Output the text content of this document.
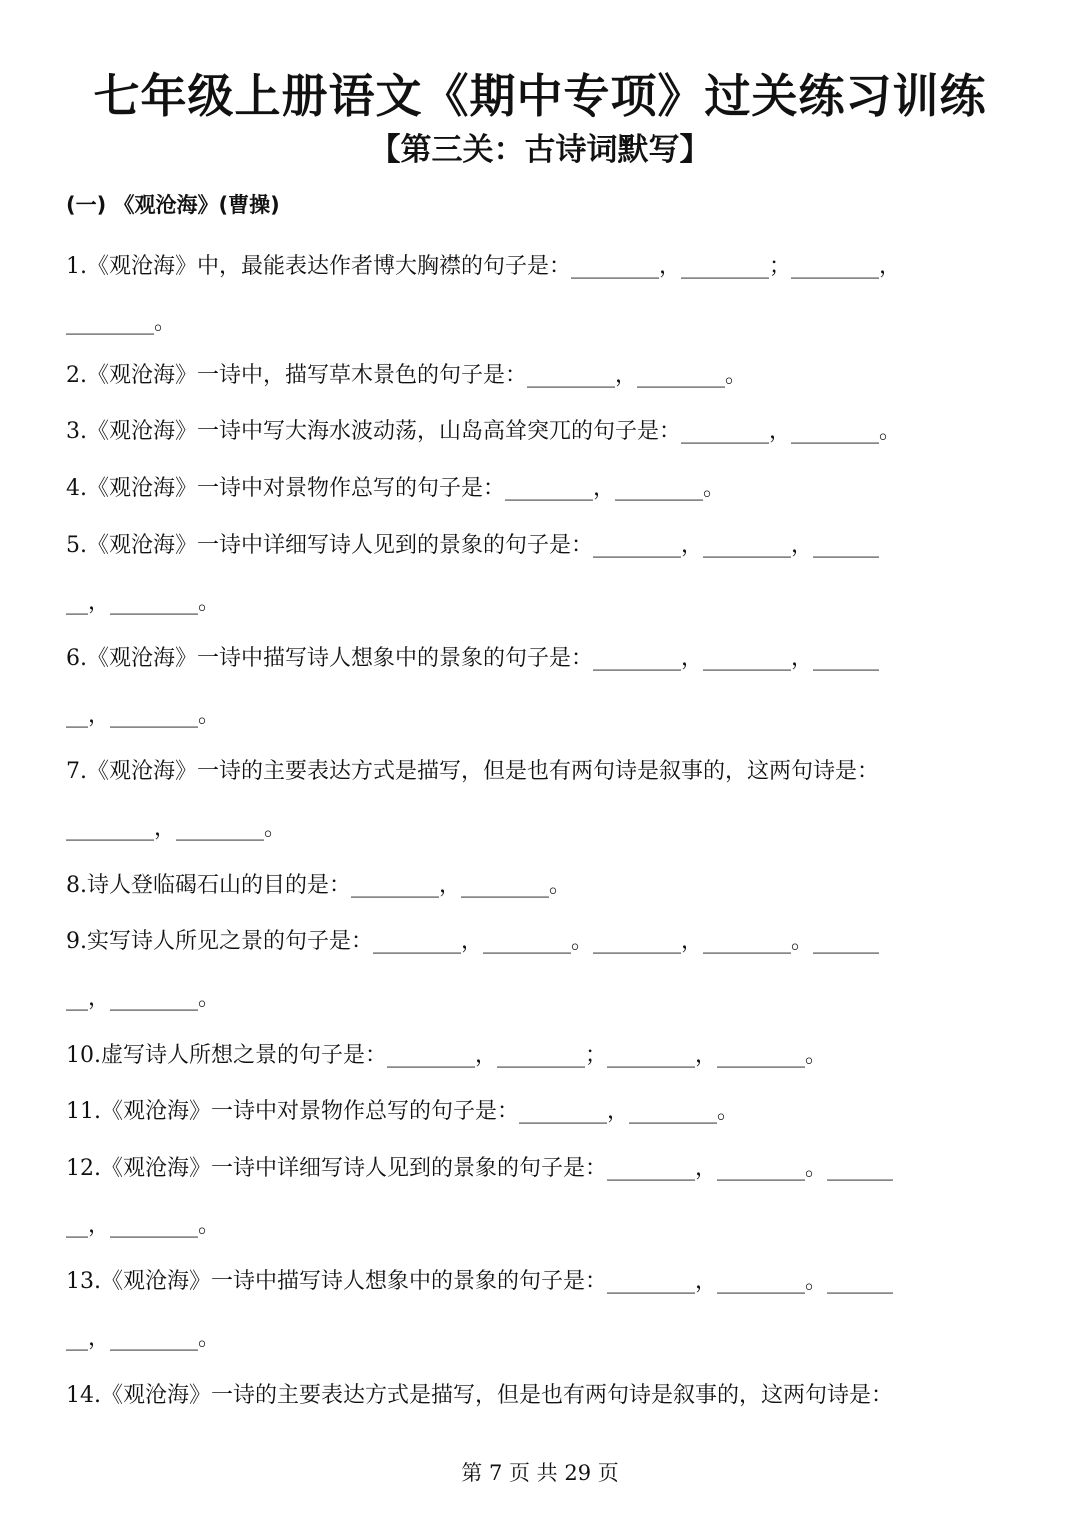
七年级上册语文《期中专项》过关练习训练
【第三关：古诗词默写】
(一) 《观沧海》(曹操)
1.《观沧海》中，最能表达作者博大胸襟的句子是：________，________；________，
________。
2.《观沧海》一诗中，描写草木景色的句子是：________，________。
3.《观沧海》一诗中写大海水波动荡，山岛高耸突兀的句子是：________，________。
4.《观沧海》一诗中对景物作总写的句子是：________，________。
5.《观沧海》一诗中详细写诗人见到的景象的句子是：________，________，______
__，________。
6.《观沧海》一诗中描写诗人想象中的景象的句子是：________，________，______
__，________。
7.《观沧海》一诗的主要表达方式是描写，但是也有两句诗是叙事的，这两句诗是：
________，________。
8.诗人登临碣石山的目的是：________，________。
9.实写诗人所见之景的句子是：________，________。________，________。______
__，________。
10.虚写诗人所想之景的句子是：________，________；________，________。
11.《观沧海》一诗中对景物作总写的句子是：________，________。
12.《观沧海》一诗中详细写诗人见到的景象的句子是：________，________。______
__，________。
13.《观沧海》一诗中描写诗人想象中的景象的句子是：________，________。______
__，________。
14.《观沧海》一诗的主要表达方式是描写，但是也有两句诗是叙事的，这两句诗是：
第 7 页 共 29 页
